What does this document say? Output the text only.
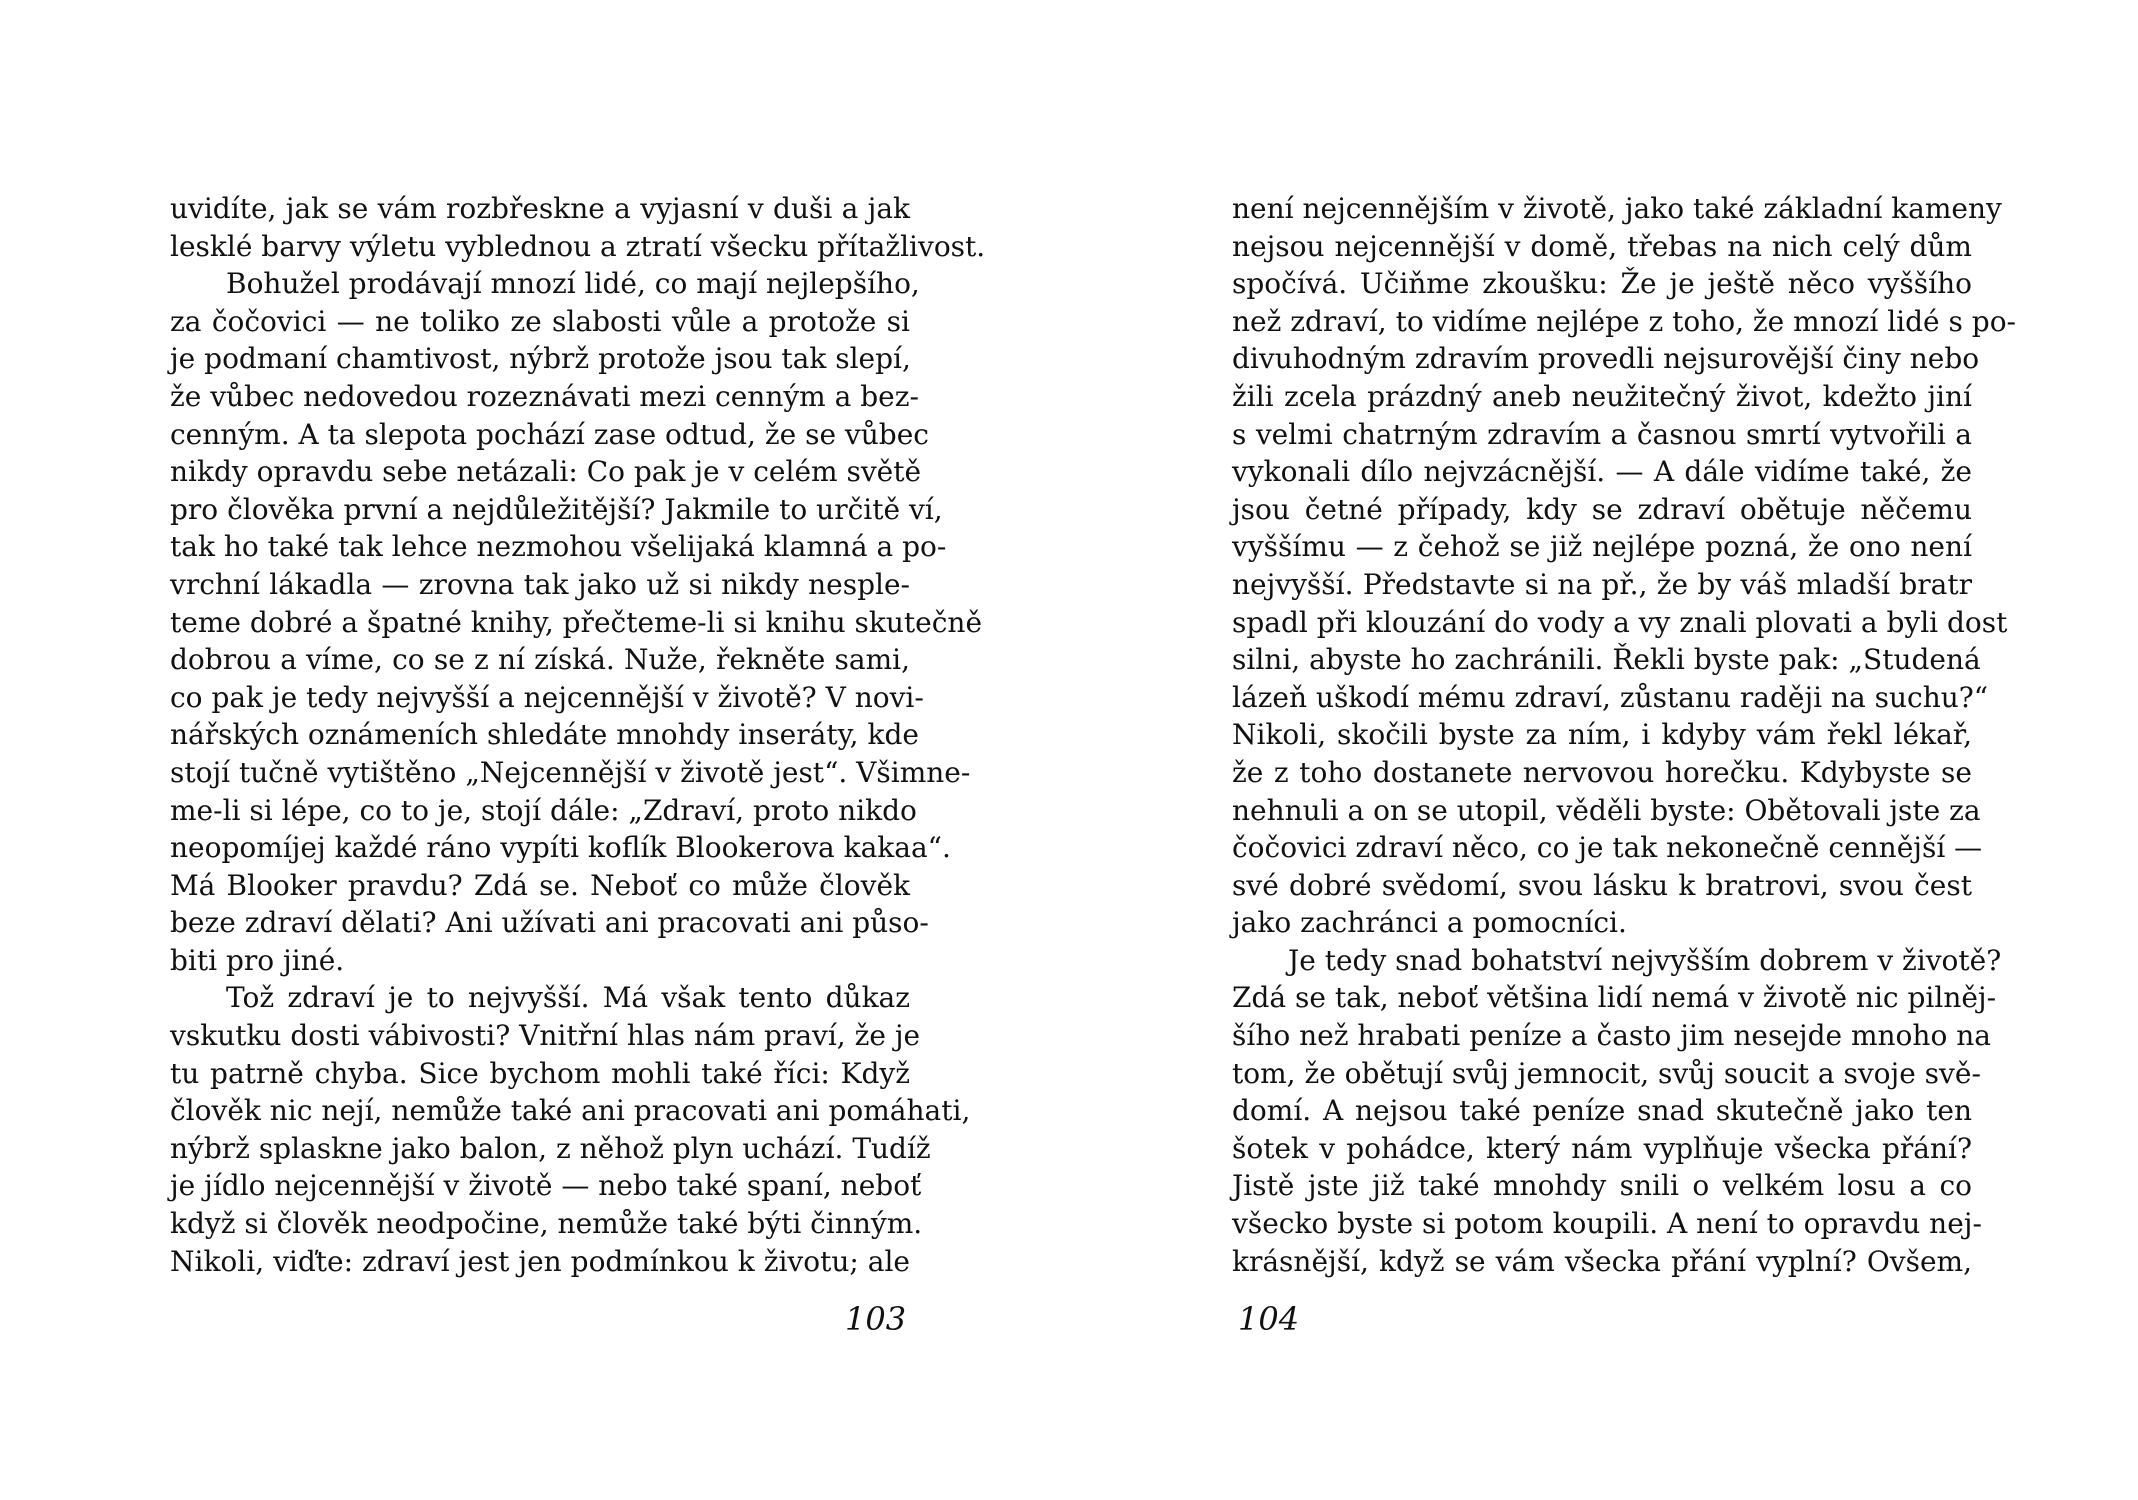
uvidíte, jak se vám rozbřeskne a vyjasní v duši a jak
lesklé barvy výletu vyblednou a ztratí všecku přítažlivost.
Bohužel prodávají mnozí lidé, co mají nejlepšího,
za čočovici — ne toliko ze slabosti vůle a protože si
je podmaní chamtivost, nýbrž protože jsou tak slepí,
že vůbec nedovedou rozeznávati mezi cenným a bez-
cenným. A ta slepota pochází zase odtud, že se vůbec
nikdy opravdu sebe netázali: Co pak je v celém světě
pro člověka první a nejdůležitější? Jakmile to určitě ví,
tak ho také tak lehce nezmohou všelijaká klamná a po-
vrchní lákadla — zrovna tak jako už si nikdy nesple-
teme dobré a špatné knihy, přečteme-li si knihu skutečně
dobrou a víme, co se z ní získá. Nuže, řekněte sami,
co pak je tedy nejvyšší a nejcennější v životě? V novi-
nářských oznámeních shledáte mnohdy inseráty, kde
stojí tučně vytištěno „Nejcennější v životě jest“. Všimne-
me-li si lépe, co to je, stojí dále: „Zdraví, proto nikdo
neopomíjej každé ráno vypíti koflík Blookerova kakaa“.
Má Blooker pravdu? Zdá se. Neboť co může člověk
beze zdraví dělati? Ani užívati ani pracovati ani půso-
biti pro jiné.
Tož zdraví je to nejvyšší. Má však tento důkaz
vskutku dosti vábivosti? Vnitřní hlas nám praví, že je
tu patrně chyba. Sice bychom mohli také říci: Když
člověk nic nejí, nemůže také ani pracovati ani pomáhati,
nýbrž splaskne jako balon, z něhož plyn uchází. Tudíž
je jídlo nejcennější v životě — nebo také spaní, neboť
když si člověk neodpočine, nemůže také býti činným.
Nikoli, viďte: zdraví jest jen podmínkou k životu; ale
103
není nejcennějším v životě, jako také základní kameny
nejsou nejcennější v domě, třebas na nich celý dům
spočívá. Učiňme zkoušku: Že je ještě něco vyššího
než zdraví, to vidíme nejlépe z toho, že mnozí lidé s po-
divuhodným zdravím provedli nejsurovější činy nebo
žili zcela prázdný aneb neužitečný život, kdežto jiní
s velmi chatrným zdravím a časnou smrtí vytvořili a
vykonali dílo nejvzácnější. — A dále vidíme také, že
jsou četné případy, kdy se zdraví obětuje něčemu
vyššímu — z čehož se již nejlépe pozná, že ono není
nejvyšší. Představte si na př., že by váš mladší bratr
spadl při klouzání do vody a vy znali plovati a byli dost
silni, abyste ho zachránili. Řekli byste pak: „Studená
lázeň uškodí mému zdraví, zůstanu raději na suchu?“
Nikoli, skočili byste za ním, i kdyby vám řekl lékař,
že z toho dostanete nervovou horečku. Kdybyste se
nehnuli a on se utopil, věděli byste: Obětovali jste za
čočovici zdraví něco, co je tak nekonečně cennější —
své dobré svědomí, svou lásku k bratrovi, svou čest
jako zachránci a pomocníci.
Je tedy snad bohatství nejvyšším dobrem v životě?
Zdá se tak, neboť většina lidí nemá v životě nic pilněj-
šího než hrabati peníze a často jim nesejde mnoho na
tom, že obětují svůj jemnocit, svůj soucit a svoje svě-
domí. A nejsou také peníze snad skutečně jako ten
šotek v pohádce, který nám vyplňuje všecka přání?
Jistě jste již také mnohdy snili o velkém losu a co
všecko byste si potom koupili. A není to opravdu nej-
krásnější, když se vám všecka přání vyplní? Ovšem,
104
